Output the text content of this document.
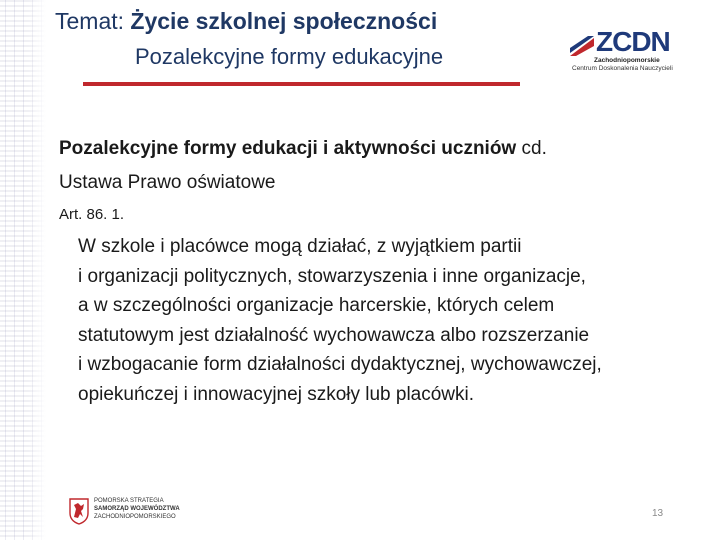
Temat: Życie szkolnej społeczności
Pozalekcyjne formy edukacyjne	ZCDN
Zachodniopomorskie
Centrum Doskonalenia Nauczycieli
Pozalekcyjne formy edukacji i aktywności uczniów cd.
Ustawa Prawo oświatowe
Art. 86. 1.
W szkole i placówce mogą działać, z wyjątkiem partii
i organizacji politycznych, stowarzyszenia i inne organizacje,
a w szczególności organizacje harcerskie, których celem
statutowym jest działalność wychowawcza albo rozszerzanie
i wzbogacanie form działalności dydaktycznej, wychowawczej,
opiekuńczej i innowacyjnej szkoły lub placówki.
POMORSKA STRATEGIA
SAMORZĄD WOJEWÓDZTWA
ZACHODNIOPOMORSKIEGO	13
